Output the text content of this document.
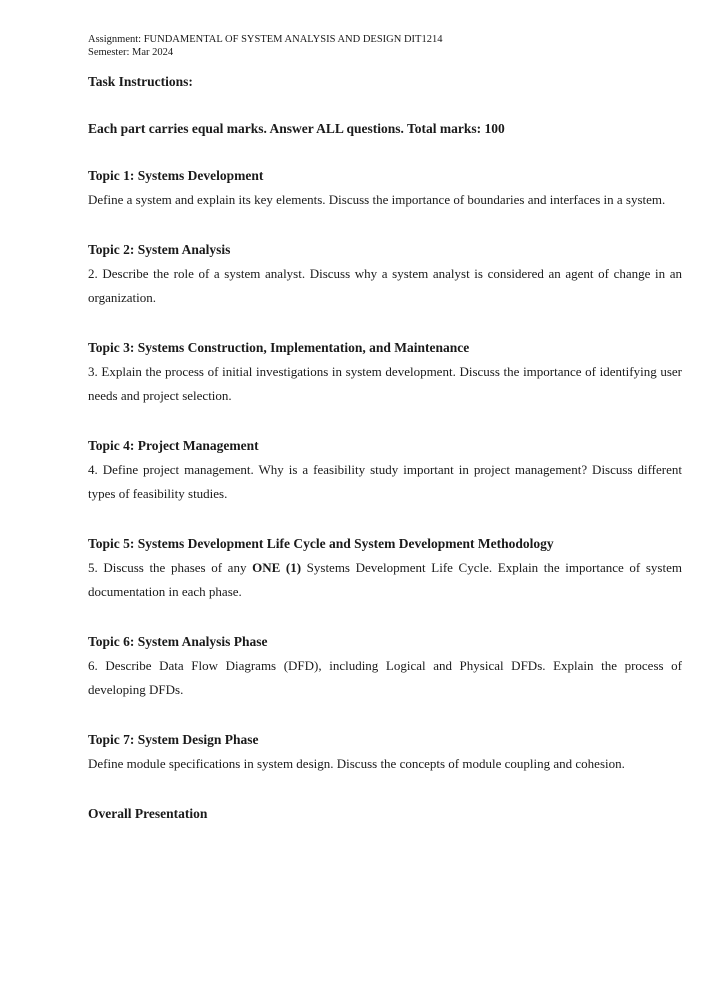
Assignment: FUNDAMENTAL OF SYSTEM ANALYSIS AND DESIGN DIT1214

Semester: Mar 2024

Task Instructions:

Each part carries equal marks. Answer ALL questions. Total marks: 100

Topic 1: Systems Development

Define a system and explain its key elements. Discuss the importance of boundaries and interfaces in a system.

Topic 2: System Analysis

2. Describe the role of a system analyst. Discuss why a system analyst is considered an agent of change in an organization.

Topic 3: Systems Construction, Implementation, and Maintenance

3. Explain the process of initial investigations in system development. Discuss the importance of identifying user needs and project selection.

Topic 4: Project Management

4. Define project management. Why is a feasibility study important in project management? Discuss different types of feasibility studies.

Topic 5: Systems Development Life Cycle and System Development Methodology

5. Discuss the phases of any ONE (1) Systems Development Life Cycle. Explain the importance of system documentation in each phase.

Topic 6: System Analysis Phase

6. Describe Data Flow Diagrams (DFD), including Logical and Physical DFDs. Explain the process of developing DFDs.

Topic 7: System Design Phase

Define module specifications in system design. Discuss the concepts of module coupling and cohesion.

Overall Presentation
